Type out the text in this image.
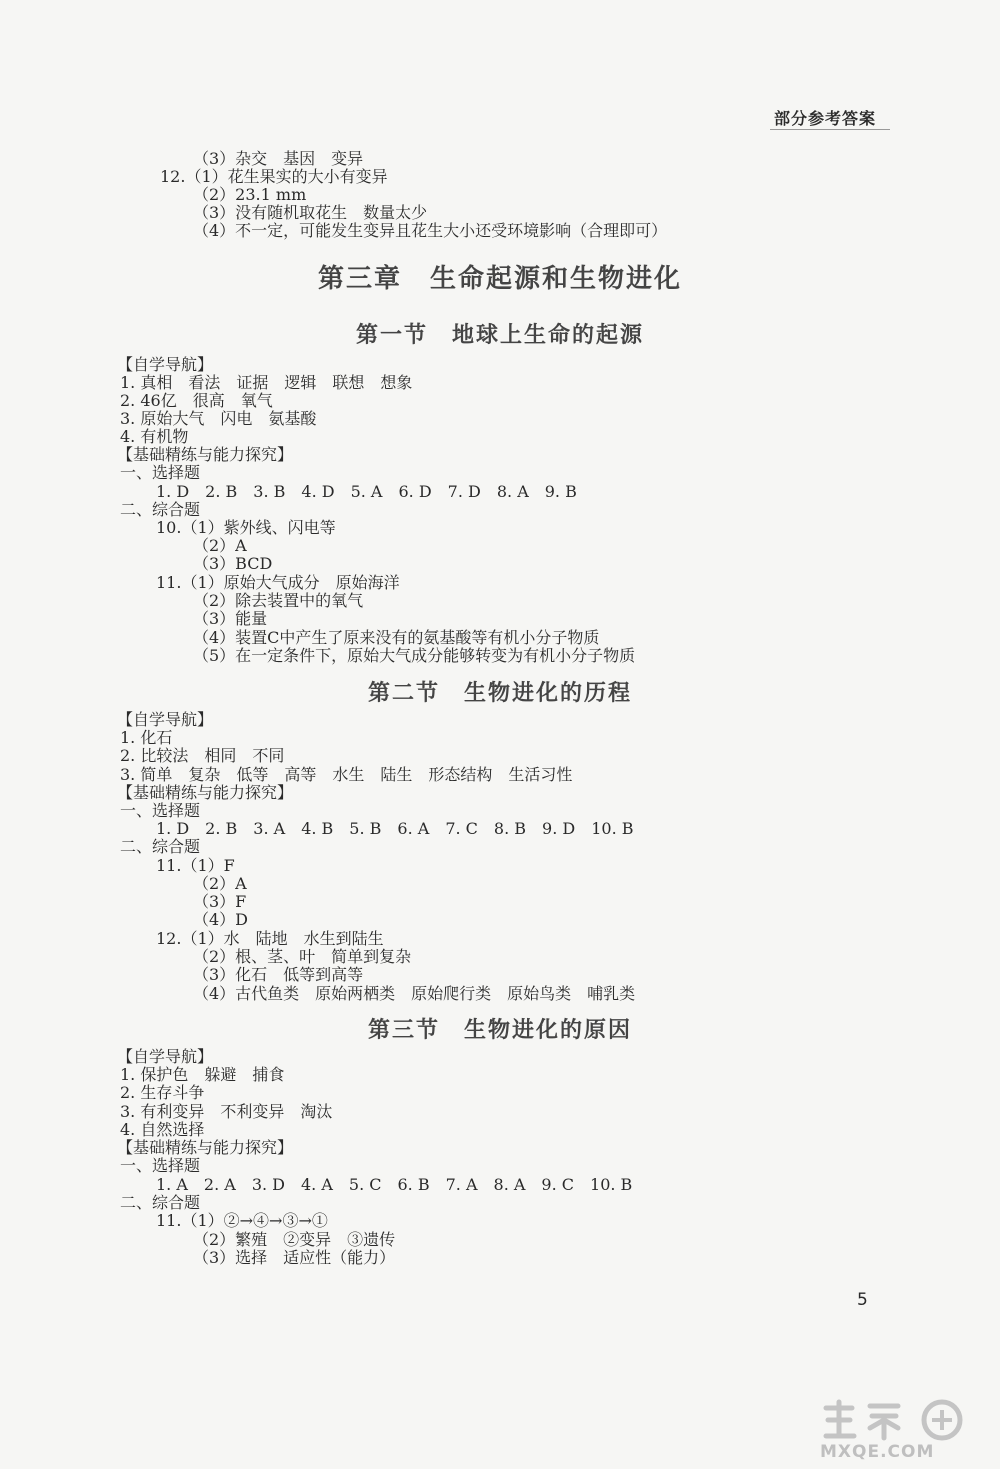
部分参考答案
（3）杂交　基因　变异
12.（1）花生果实的大小有变异
（2）23.1 mm
（3）没有随机取花生　数量太少
（4）不一定，可能发生变异且花生大小还受环境影响（合理即可）
第三章　生命起源和生物进化
第一节　地球上生命的起源
【自学导航】
1. 真相　看法　证据　逻辑　联想　想象
2. 46亿　很高　氧气
3. 原始大气　闪电　氨基酸
4. 有机物
【基础精练与能力探究】
一、选择题
1. D　2. B　3. B　4. D　5. A　6. D　7. D　8. A　9. B
二、综合题
10.（1）紫外线、闪电等
（2）A
（3）BCD
11.（1）原始大气成分　原始海洋
（2）除去装置中的氧气
（3）能量
（4）装置C中产生了原来没有的氨基酸等有机小分子物质
（5）在一定条件下，原始大气成分能够转变为有机小分子物质
第二节　生物进化的历程
【自学导航】
1. 化石
2. 比较法　相同　不同
3. 简单　复杂　低等　高等　水生　陆生　形态结构　生活习性
【基础精练与能力探究】
一、选择题
1. D　2. B　3. A　4. B　5. B　6. A　7. C　8. B　9. D　10. B
二、综合题
11.（1）F
（2）A
（3）F
（4）D
12.（1）水　陆地　水生到陆生
（2）根、茎、叶　简单到复杂
（3）化石　低等到高等
（4）古代鱼类　原始两栖类　原始爬行类　原始鸟类　哺乳类
第三节　生物进化的原因
【自学导航】
1. 保护色　躲避　捕食
2. 生存斗争
3. 有利变异　不利变异　淘汰
4. 自然选择
【基础精练与能力探究】
一、选择题
1. A　2. A　3. D　4. A　5. C　6. B　7. A　8. A　9. C　10. B
二、综合题
11.（1）②→④→③→①
（2）繁殖　②变异　③遗传
（3）选择　适应性（能力）
5
MXQE.COM
